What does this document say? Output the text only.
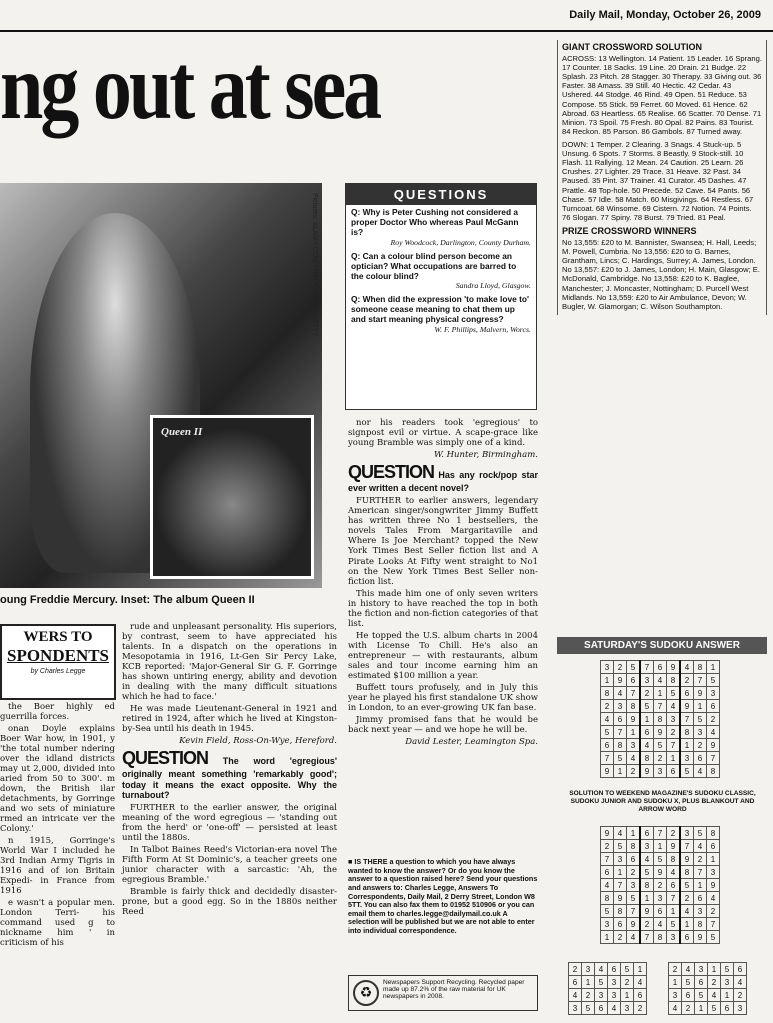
Daily Mail, Monday, October 26, 2009
ng out at sea
Pictures: ALAMY.COM / REDFERNS / GETTY
Queen II
oung Freddie Mercury. Inset: The album Queen II
QUESTIONS
Q: Why is Peter Cushing not considered a proper Doctor Who whereas Paul McGann is?
Roy Woodcock, Darlington, County Durham.
Q: Can a colour blind person become an optician? What occupations are barred to the colour blind?
Sandra Lloyd, Glasgow.
Q: When did the expression 'to make love to' someone cease meaning to chat them up and start meaning physical congress?
W. F. Phillips, Malvern, Worcs.
WERS TO
SPONDENTS
by Charles Legge

the Boer highly ed guerrilla forces.

onan Doyle explains Boer War how, in 1901, y 'the total number ndering over the idland districts may ut 2,000, divided into aried from 50 to 300'. m down, the British ilar detachments, by Gorringe and wo sets of miniature rmed an intricate ver the Colony.'

n 1915, Gorringe's World War I included he 3rd Indian Army Tigris in 1916 and of ion Britain Expedi- in France from 1916

e wasn't a popular men. London Terri- his command used g to nickname him ' in criticism of his

rude and unpleasant personality. His superiors, by contrast, seem to have appreciated his talents. In a dispatch on the operations in Mesopotamia in 1916, Lt-Gen Sir Percy Lake, KCB reported: 'Major-General Sir G. F. Gorringe has shown untiring energy, ability and devotion in dealing with the many difficult situations which he had to face.'

He was made Lieutenant-General in 1921 and retired in 1924, after which he lived at Kingston-by-Sea until his death in 1945.

Kevin Field, Ross-On-Wye, Hereford.

QUESTION The word 'egregious' originally meant something 'remarkably good'; today it means the exact opposite. Why the turnabout?

FURTHER to the earlier answer, the original meaning of the word egregious — 'standing out from the herd' or 'one-off' — persisted at least until the 1880s.

In Talbot Baines Reed's Victorian-era novel The Fifth Form At St Dominic's, a teacher greets one junior character with a sarcastic: 'Ah, the egregious Bramble.'

Bramble is fairly thick and decidedly disaster-prone, but a good egg. So in the 1880s neither Reed

nor his readers took 'egregious' to signpost evil or virtue. A scape-grace like young Bramble was simply one of a kind.

W. Hunter, Birmingham.

QUESTION Has any rock/pop star ever written a decent novel?

FURTHER to earlier answers, legendary American singer/songwriter Jimmy Buffett has written three No 1 bestsellers, the novels Tales From Margaritaville and Where Is Joe Merchant? topped the New York Times Best Seller fiction list and A Pirate Looks At Fifty went straight to No1 on the New York Times Best Seller non-fiction list.

This made him one of only seven writers in history to have reached the top in both the fiction and non-fiction categories of that list.

He topped the U.S. album charts in 2004 with License To Chill. He's also an entrepreneur — with restaurants, album sales and tour income earning him an estimated $100 million a year.

Buffett tours profusely, and in July this year he played his first standalone UK show in London, to an ever-growing UK fan base.

Jimmy promised fans that he would be back next year — and we hope he will be.

David Lester, Leamington Spa.

■ IS THERE a question to which you have always wanted to know the answer? Or do you know the answer to a question raised here? Send your questions and answers to: Charles Legge, Answers To Correspondents, Daily Mail, 2 Derry Street, London W8 5TT. You can also fax them to 01952 510906 or you can email them to charles.legge@dailymail.co.uk A selection will be published but we are not able to enter into individual correspondence.
♻
Newspapers Support Recycling. Recycled paper made up 87.2% of the raw material for UK newspapers in 2008.
GIANT CROSSWORD SOLUTION
ACROSS: 13 Wellington. 14 Patient. 15 Leader. 16 Sprang. 17 Counter. 18 Sacks. 19 Line. 20 Drain. 21 Budge. 22 Splash. 23 Pitch. 28 Stagger. 30 Therapy. 33 Giving out. 36 Faster. 38 Amass. 39 Still. 40 Hectic. 42 Cedar. 43 Ushered. 44 Stodge. 46 Rind. 49 Open. 51 Reduce. 53 Compose. 55 Stick. 59 Ferret. 60 Moved. 61 Hence. 62 Abroad. 63 Heartless. 65 Realise. 66 Scatter. 70 Dense. 71 Minion. 73 Spoil. 75 Fresh. 80 Opal. 82 Pains. 83 Tourist. 84 Reckon. 85 Parson. 86 Gambols. 87 Turned away.
DOWN: 1 Temper. 2 Clearing. 3 Snags. 4 Stuck-up. 5 Unsung. 6 Spots. 7 Storms. 8 Beastly. 9 Stock-still. 10 Flash. 11 Rallying. 12 Mean. 24 Caution. 25 Learn. 26 Crushes. 27 Lighter. 29 Trace. 31 Heave. 32 Past. 34 Paused. 35 Pint. 37 Trainer. 41 Curator. 45 Dashes. 47 Prattle. 48 Top-hole. 50 Precede. 52 Cave. 54 Pants. 56 Chase. 57 Idle. 58 Match. 60 Misgivings. 64 Restless. 67 Turncoat. 68 Winsome. 69 Cistern. 72 Notion. 74 Points. 76 Slogan. 77 Spiny. 78 Burst. 79 Tried. 81 Peal.
PRIZE CROSSWORD WINNERS
No 13,555: £20 to M. Bannister, Swansea; H. Hall, Leeds; M. Powell, Cumbria. No 13,556: £20 to G. Barnes, Grantham, Lincs; C. Hardings, Surrey; A. James, London. No 13,557: £20 to J. James, London; H. Main, Glasgow; E. McDonald, Cambridge. No 13,558: £20 to K. Baglee, Manchester; J. Moncaster, Nottingham; D. Purcell West Midlands. No 13,559: £20 to Air Ambulance, Devon; W. Bugler, W. Glamorgan; C. Wilson Southampton.
SATURDAY'S SUDOKU ANSWER
3	2	5	7	6	9	4	8	1
1	9	6	3	4	8	2	7	5
8	4	7	2	1	5	6	9	3
2	3	8	5	7	4	9	1	6
4	6	9	1	8	3	7	5	2
5	7	1	6	9	2	8	3	4
6	8	3	4	5	7	1	2	9
7	5	4	8	2	1	3	6	7
9	1	2	9	3	6	5	4	8
SOLUTION TO WEEKEND MAGAZINE'S SUDOKU CLASSIC, SUDOKU JUNIOR AND SUDOKU X, PLUS BLANKOUT AND ARROW WORD
9	4	1	6	7	2	3	5	8
2	5	8	3	1	9	7	4	6
7	3	6	4	5	8	9	2	1
6	1	2	5	9	4	8	7	3
4	7	3	8	2	6	5	1	9
8	9	5	1	3	7	2	6	4
5	8	7	9	6	1	4	3	2
3	6	9	2	4	5	1	8	7
1	2	4	7	8	3	6	9	5
2	3	4	6	5	1
6	1	5	3	2	4
4	2	3	3	1	6
3	5	6	4	3	2
2	4	3	1	5	6
1	5	6	2	3	4
3	6	5	4	1	2
4	2	1	5	6	3
